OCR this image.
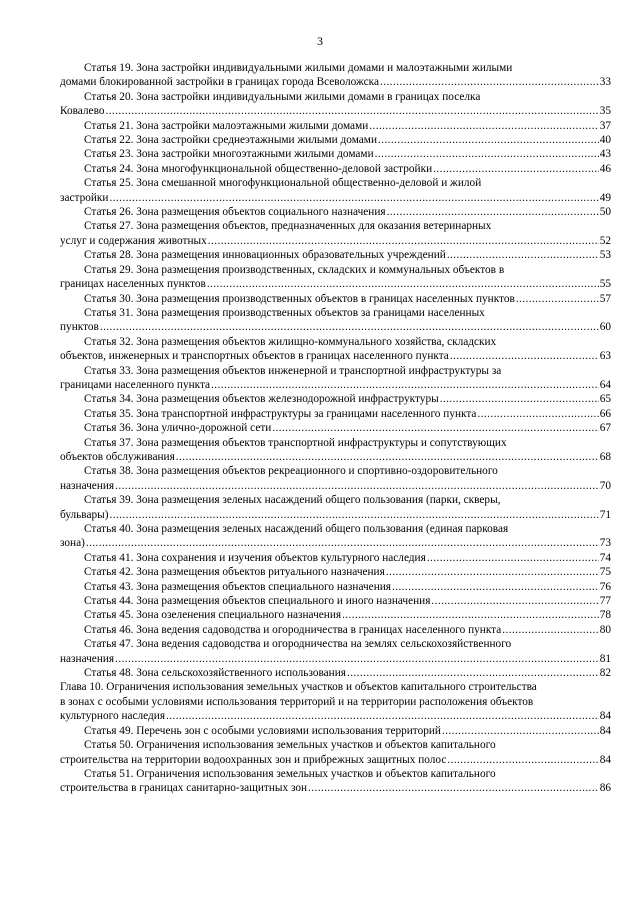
3
Статья 19. Зона застройки индивидуальными жилыми домами и малоэтажными жилыми
домами блокированной застройки в границах города Всеволожска .....	33
Статья 20. Зона застройки индивидуальными жилыми домами в границах поселка
Ковалево .....	35
Статья 21. Зона застройки малоэтажными жилыми домами .....	37
Статья 22. Зона застройки среднеэтажными жилыми домами .....	40
Статья 23. Зона застройки многоэтажными жилыми домами .....	43
Статья 24. Зона многофункциональной общественно-деловой застройки .....	46
Статья 25. Зона смешанной многофункциональной общественно-деловой и жилой
застройки .....	49
Статья 26. Зона размещения объектов социального назначения .....	50
Статья 27. Зона размещения объектов, предназначенных для оказания ветеринарных
услуг и содержания животных .....	52
Статья 28. Зона размещения инновационных образовательных учреждений .....	53
Статья 29. Зона размещения производственных, складских и коммунальных объектов в
границах населенных пунктов .....	55
Статья 30. Зона размещения производственных объектов в границах населенных пунктов .....	57
Статья 31. Зона размещения производственных объектов за границами населенных
пунктов .....	60
Статья 32. Зона размещения объектов жилищно-коммунального хозяйства, складских
объектов, инженерных и транспортных объектов в границах населенного пункта .....	63
Статья 33. Зона размещения объектов инженерной и транспортной инфраструктуры за
границами населенного пункта .....	64
Статья 34. Зона размещения объектов железнодорожной инфраструктуры .....	65
Статья 35. Зона транспортной инфраструктуры за границами населенного пункта .....	66
Статья 36. Зона улично-дорожной сети .....	67
Статья 37. Зона размещения объектов транспортной инфраструктуры и сопутствующих
объектов обслуживания .....	68
Статья 38. Зона размещения объектов рекреационного и спортивно-оздоровительного
назначения .....	70
Статья 39. Зона размещения зеленых насаждений общего пользования (парки, скверы,
бульвары) .....	71
Статья 40. Зона размещения зеленых насаждений общего пользования (единая парковая
зона) .....	73
Статья 41. Зона сохранения и изучения объектов культурного наследия .....	74
Статья 42. Зона размещения объектов ритуального назначения .....	75
Статья 43. Зона размещения объектов специального назначения .....	76
Статья 44. Зона размещения объектов специального и иного назначения .....	77
Статья 45. Зона озеленения специального назначения .....	78
Статья 46. Зона ведения садоводства и огородничества в границах населенного пункта .....	80
Статья 47. Зона ведения садоводства и огородничества на землях сельскохозяйственного
назначения .....	81
Статья 48. Зона сельскохозяйственного использования .....	82
Глава 10. Ограничения использования земельных участков и объектов капитального строительства
в зонах с особыми условиями использования территорий и на территории расположения объектов
культурного наследия .....	84
Статья 49. Перечень зон с особыми условиями использования территорий .....	84
Статья 50. Ограничения использования земельных участков и объектов капитального
строительства на территории водоохранных зон и прибрежных защитных полос .....	84
Статья 51. Ограничения использования земельных участков и объектов капитального
строительства в границах санитарно-защитных зон .....	86
